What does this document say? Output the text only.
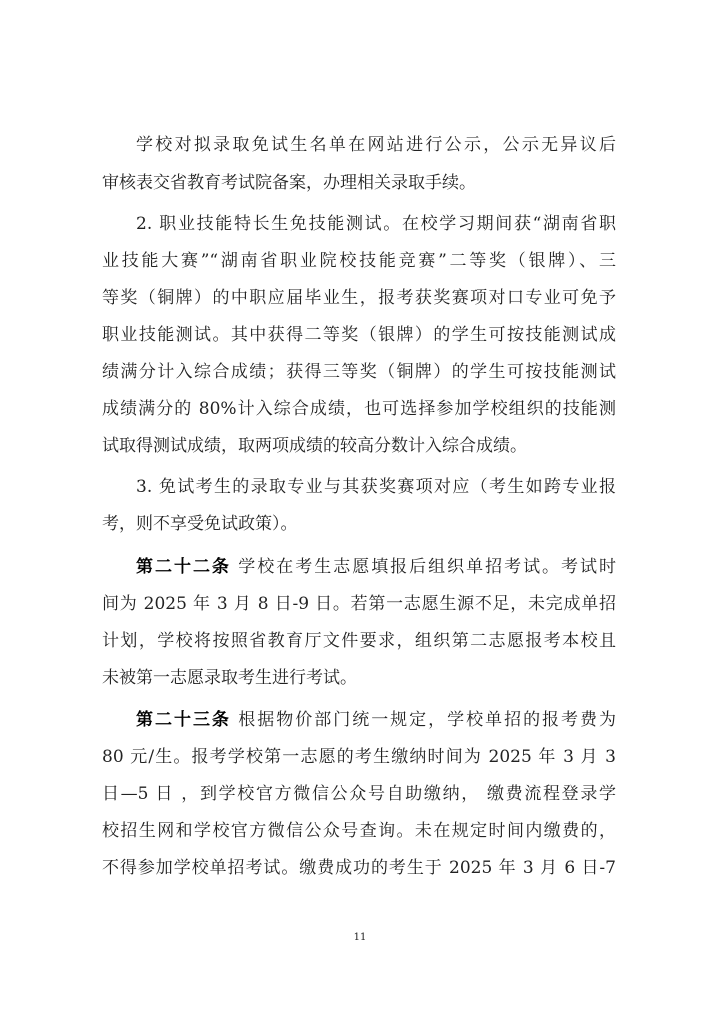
学校对拟录取免试生名单在网站进行公示，公示无异议后
审核表交省教育考试院备案，办理相关录取手续。
2. 职业技能特长生免技能测试。在校学习期间获“湖南省职
业技能大赛”“湖南省职业院校技能竞赛”二等奖（银牌）、三
等奖（铜牌）的中职应届毕业生，报考获奖赛项对口专业可免予
职业技能测试。其中获得二等奖（银牌）的学生可按技能测试成
绩满分计入综合成绩；获得三等奖（铜牌）的学生可按技能测试
成绩满分的 80%计入综合成绩，也可选择参加学校组织的技能测
试取得测试成绩，取两项成绩的较高分数计入综合成绩。
3. 免试考生的录取专业与其获奖赛项对应（考生如跨专业报
考，则不享受免试政策）。
第二十二条 学校在考生志愿填报后组织单招考试。考试时
间为 2025 年 3 月 8 日-9 日。若第一志愿生源不足，未完成单招
计划，学校将按照省教育厅文件要求，组织第二志愿报考本校且
未被第一志愿录取考生进行考试。
第二十三条 根据物价部门统一规定，学校单招的报考费为
80 元/生。报考学校第一志愿的考生缴纳时间为 2025 年 3 月 3
日—5 日 ，到学校官方微信公众号自助缴纳， 缴费流程登录学
校招生网和学校官方微信公众号查询。未在规定时间内缴费的，
不得参加学校单招考试。缴费成功的考生于 2025 年 3 月 6 日-7
11
